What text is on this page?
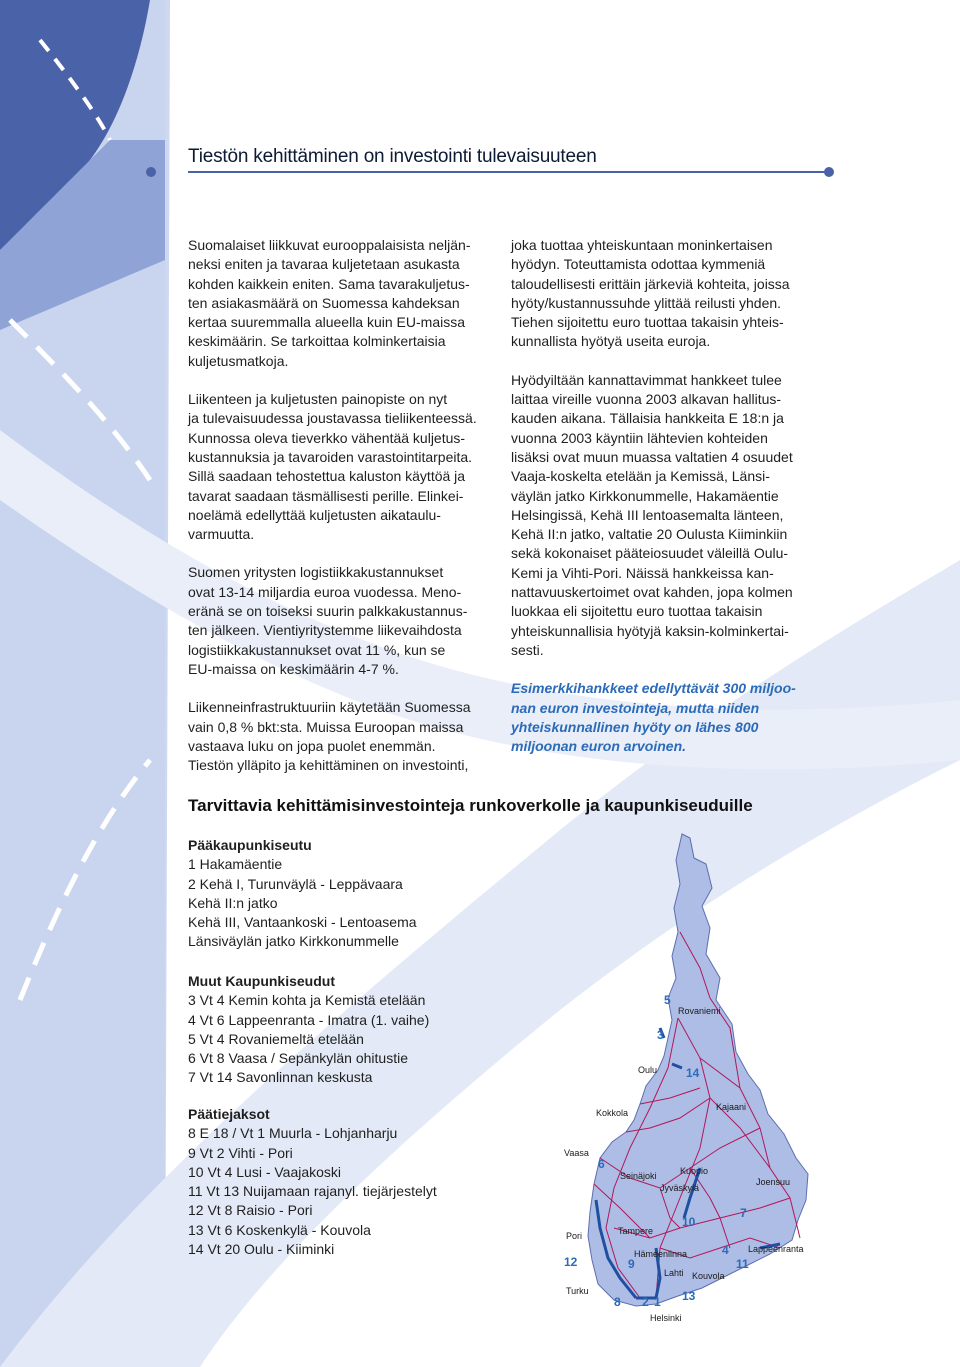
Tiestön kehittäminen on investointi tulevaisuuteen

Suomalaiset liikkuvat eurooppalaisista neljän-
neksi eniten ja tavaraa kuljetetaan asukasta
kohden kaikkein eniten. Sama tavarakuljetus-
ten asiakasmäärä on Suomessa kahdeksan
kertaa suuremmalla alueella kuin EU-maissa
keskimäärin. Se tarkoittaa kolminkertaisia
kuljetusmatkoja.

Liikenteen ja kuljetusten painopiste on nyt
ja tulevaisuudessa joustavassa tieliikenteessä.
Kunnossa oleva tieverkko vähentää kuljetus-
kustannuksia ja tavaroiden varastointitarpeita.
Sillä saadaan tehostettua kaluston käyttöä ja
tavarat saadaan täsmällisesti perille. Elinkei-
noelämä edellyttää kuljetusten aikataulu-
varmuutta.

Suomen yritysten logistiikkakustannukset
ovat 13-14 miljardia euroa vuodessa. Meno-
erän​ä se on toiseksi suurin palkkakustannus-
ten jälkeen. Vientiyritystemme liikevaihdosta
logistiikkakustannukset ovat 11 %, kun se
EU-maissa on keskimäärin 4-7 %.

Liikenneinfrastruktuuriin käytetään Suomessa
vain 0,8 % bkt:sta. Muissa Euroopan maissa
vastaava luku on jopa puolet enemmän.
Tiestön ylläpito ja kehittäminen on investointi,

joka tuottaa yhteiskuntaan moninkertaisen
hyödyn. Toteuttamista odottaa kymmeniä
taloudellisesti erittäin järkeviä kohteita, joissa
hyöty/kustannussuhde ylittää reilusti yhden.
Tiehen sijoitettu euro tuottaa takaisin yhteis-
kunnallista hyötyä useita euroja.

Hyödyiltään kannattavimmat hankkeet tulee
laittaa vireille vuonna 2003 alkavan hallitus-
kauden aikana. Tällaisia hankkeita E 18:n ja
vuonna 2003 käyntiin lähtevien kohteiden
lisäksi ovat muun muassa valtatien 4 osuudet
Vaaja-koskelta etelään ja Kemissä, Länsi-
väylän jatko Kirkkonummelle, Hakamäentie
Helsingissä, Kehä III lentoasemalta länteen,
Kehä II:n jatko, valtatie 20 Oulusta Kiiminkiin
sekä kokonaiset pääteiosuudet väleillä Oulu-
Kemi ja Vihti-Pori. Näissä hankkeissa kan-
nattavuuskertoimet ovat kahden, jopa kolmen
luokkaa eli sijoitettu euro tuottaa takaisin
yhteiskunnallisia hyötyjä kaksin-kolminkertai-
sesti.

Esimerkkihankkeet edellyttävät 300 miljoo-
nan euron investointeja, mutta niiden
yhteiskunnallinen hyöty on lähes 800
miljoonan euron arvoinen.

Tarvittavia kehittämisinvestointeja runkoverkolle ja kaupunkiseuduille
Pääkaupunkiseutu
1 Hakamäentie
2 Kehä I, Turunväylä - Leppävaara
Kehä II:n jatko
Kehä III, Vantaankoski - Lentoasema
Länsiväylän jatko Kirkkonummelle
Muut Kaupunkiseudut
3 Vt 4 Kemin kohta ja Kemistä etelään
4 Vt 6 Lappeenranta - Imatra (1. vaihe)
5 Vt 4 Rovaniemeltä etelään
6 Vt 8 Vaasa / Sepänkylän ohitustie
7 Vt 14 Savonlinnan keskusta
Päätiejaksot
8 E 18 / Vt 1 Muurla - Lohjanharju
9 Vt 2 Vihti - Pori
10 Vt 4 Lusi - Vaajakoski
11 Vt 13 Nuijamaan rajanyl. tiejärjestelyt
12 Vt 8 Raisio - Pori
13 Vt 6 Koskenkylä - Kouvola
14 Vt 20 Oulu - Kiiminki
Rovaniemi
Oulu
Kokkola
Kajaani
Vaasa
Seinäjoki	Kuopio
Joensuu
Jyväskylä
Tampere
Pori
Hämeenlinna
Lahti Kouvola
Lappeenranta
Turku
Helsinki
5
3
14
6
10
7
4
11
12	9
8 2 1 13
